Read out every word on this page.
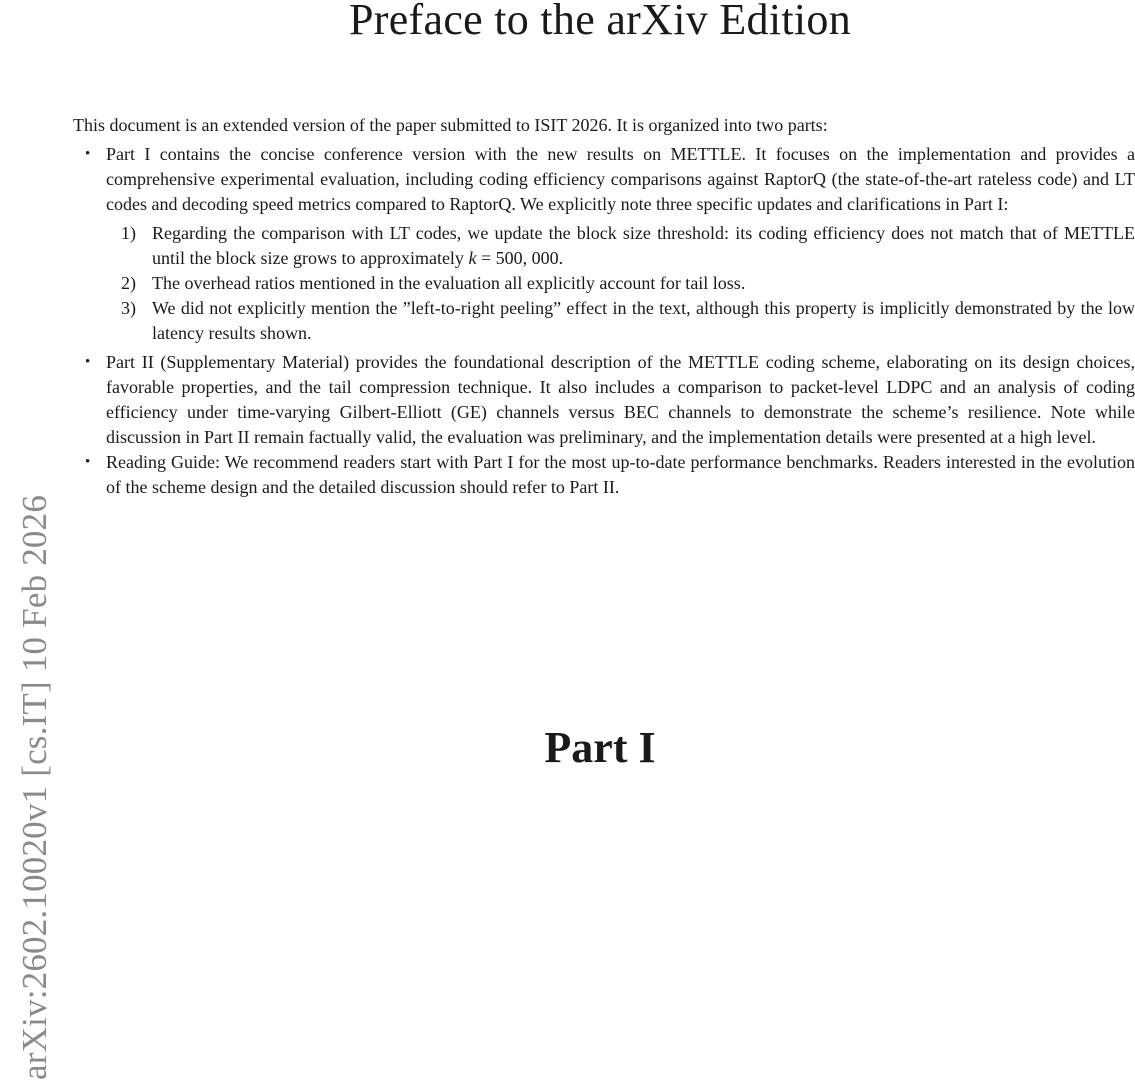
arXiv:2602.10020v1 [cs.IT] 10 Feb 2026
Preface to the arXiv Edition

This document is an extended version of the paper submitted to ISIT 2026. It is organized into two parts:

• Part I contains the concise conference version with the new results on METTLE. It focuses on the implementation and provides a comprehensive experimental evaluation, including coding efficiency comparisons against RaptorQ (the state-of-the-art rateless code) and LT codes and decoding speed metrics compared to RaptorQ. We explicitly note three specific updates and clarifications in Part I:
1) Regarding the comparison with LT codes, we update the block size threshold: its coding efficiency does not match that of METTLE until the block size grows to approximately k = 500, 000.
2) The overhead ratios mentioned in the evaluation all explicitly account for tail loss.
3) We did not explicitly mention the ”left-to-right peeling” effect in the text, although this property is implicitly demonstrated by the low latency results shown.
• Part II (Supplementary Material) provides the foundational description of the METTLE coding scheme, elaborating on its design choices, favorable properties, and the tail compression technique. It also includes a comparison to packet-level LDPC and an analysis of coding efficiency under time-varying Gilbert-Elliott (GE) channels versus BEC channels to demonstrate the scheme’s resilience. Note while discussion in Part II remain factually valid, the evaluation was preliminary, and the implementation details were presented at a high level.
• Reading Guide: We recommend readers start with Part I for the most up-to-date performance benchmarks. Readers interested in the evolution of the scheme design and the detailed discussion should refer to Part II.
Part I
